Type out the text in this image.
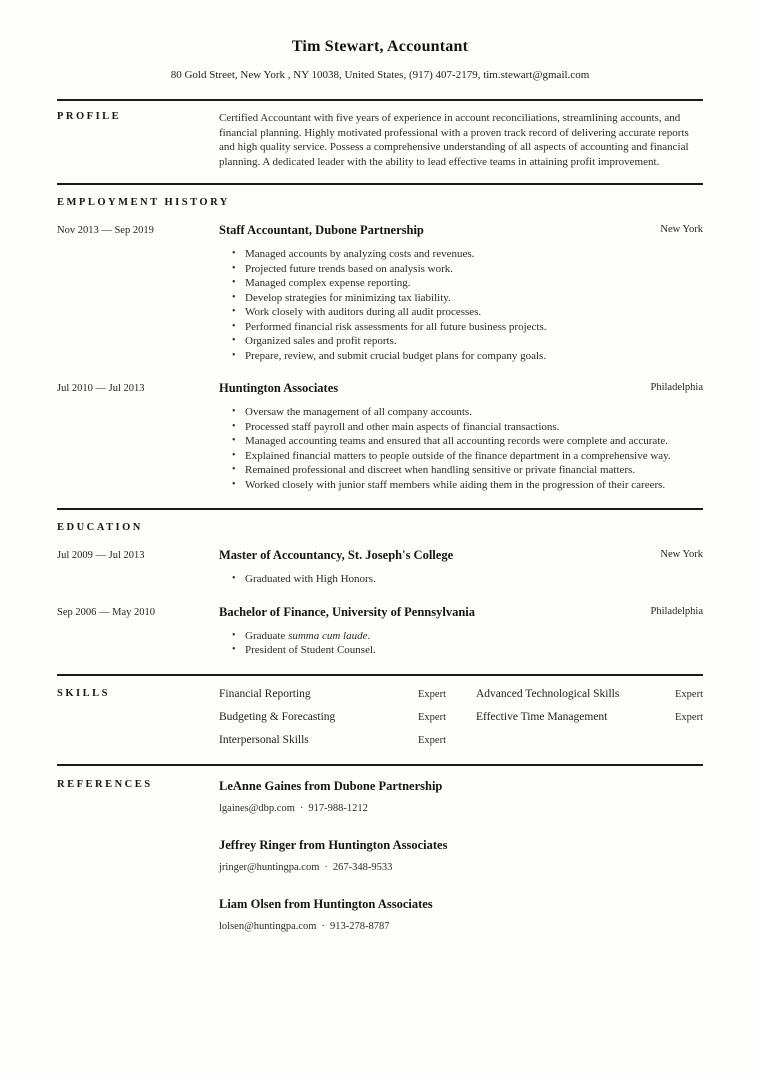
Tim Stewart, Accountant
80 Gold Street, New York , NY 10038, United States, (917) 407-2179, tim.stewart@gmail.com
PROFILE	Certified Accountant with five years of experience in account reconciliations, streamlining accounts, and financial planning. Highly motivated professional with a proven track record of delivering accurate reports and high quality service. Possess a comprehensive understanding of all aspects of accounting and financial planning. A dedicated leader with the ability to lead effective teams in attaining profit improvement.
EMPLOYMENT HISTORY
Nov 2013 — Sep 2019	Staff Accountant, Dubone Partnership	New York
• Managed accounts by analyzing costs and revenues.
• Projected future trends based on analysis work.
• Managed complex expense reporting.
• Develop strategies for minimizing tax liability.
• Work closely with auditors during all audit processes.
• Performed financial risk assessments for all future business projects.
• Organized sales and profit reports.
• Prepare, review, and submit crucial budget plans for company goals.
Jul 2010 — Jul 2013	Huntington Associates	Philadelphia
• Oversaw the management of all company accounts.
• Processed staff payroll and other main aspects of financial transactions.
• Managed accounting teams and ensured that all accounting records were complete and accurate.
• Explained financial matters to people outside of the finance department in a comprehensive way.
• Remained professional and discreet when handling sensitive or private financial matters.
• Worked closely with junior staff members while aiding them in the progression of their careers.
EDUCATION
Jul 2009 — Jul 2013	Master of Accountancy, St. Joseph's College	New York
• Graduated with High Honors.
Sep 2006 — May 2010	Bachelor of Finance, University of Pennsylvania	Philadelphia
• Graduate summa cum laude.
• President of Student Counsel.
SKILLS	Financial Reporting	Expert	Advanced Technological Skills	Expert
Budgeting & Forecasting	Expert	Effective Time Management	Expert
Interpersonal Skills	Expert
REFERENCES	LeAnne Gaines from Dubone Partnership
lgaines@dbp.com · 917-988-1212
Jeffrey Ringer from Huntington Associates
jringer@huntingpa.com · 267-348-9533
Liam Olsen from Huntington Associates
lolsen@huntingpa.com · 913-278-8787
